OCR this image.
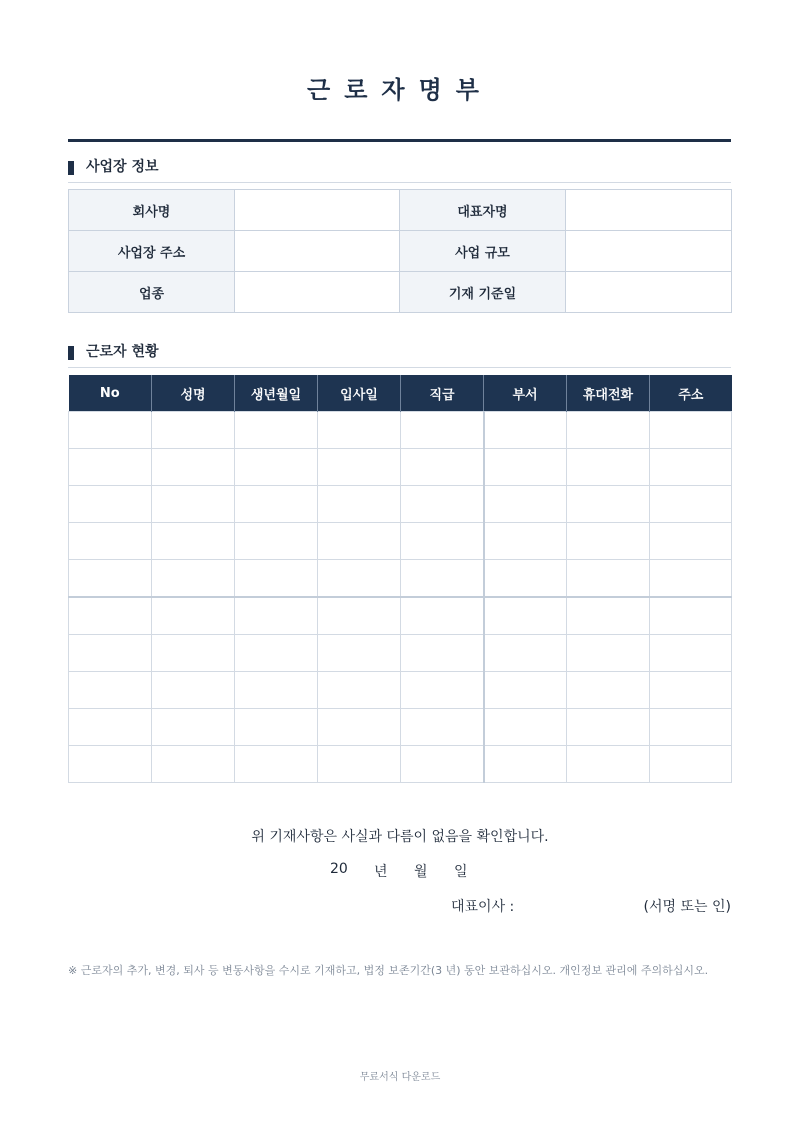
근로자명부
사업장 정보
회사명		대표자명	
사업장 주소		사업 규모	
업종		기재 기준일	
근로자 현황
No	성명	생년월일	입사일	직급	부서	휴대전화	주소

위 기재사항은 사실과 다름이 없음을 확인합니다.
20 년 월 일
대표이사 :	(서명 또는 인)
※ 근로자의 추가, 변경, 퇴사 등 변동사항을 수시로 기재하고, 법정 보존기간(3 년) 동안 보관하십시오. 개인정보 관리에 주의하십시오.
무료서식 다운로드
